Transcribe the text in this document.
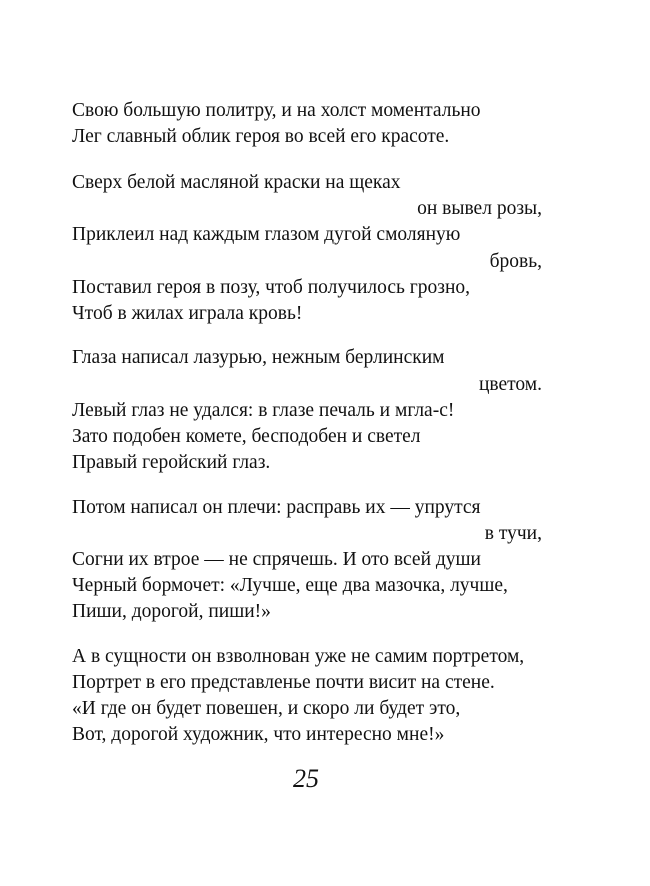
Свою большую политру, и на холст моментально
Лег славный облик героя во всей его красоте.
Сверх белой масляной краски на щеках
он вывел розы,
Приклеил над каждым глазом дугой смоляную
бровь,
Поставил героя в позу, чтоб получилось грозно,
Чтоб в жилах играла кровь!
Глаза написал лазурью, нежным берлинским
цветом.
Левый глаз не удался: в глазе печаль и мгла-с!
Зато подобен комете, бесподобен и светел
Правый геройский глаз.
Потом написал он плечи: расправь их — упрутся
в тучи,
Согни их втрое — не спрячешь. И ото всей души
Черный бормочет: «Лучше, еще два мазочка, лучше,
Пиши, дорогой, пиши!»
А в сущности он взволнован уже не самим портретом,
Портрет в его представленье почти висит на стене.
«И где он будет повешен, и скоро ли будет это,
Вот, дорогой художник, что интересно мне!»
25
